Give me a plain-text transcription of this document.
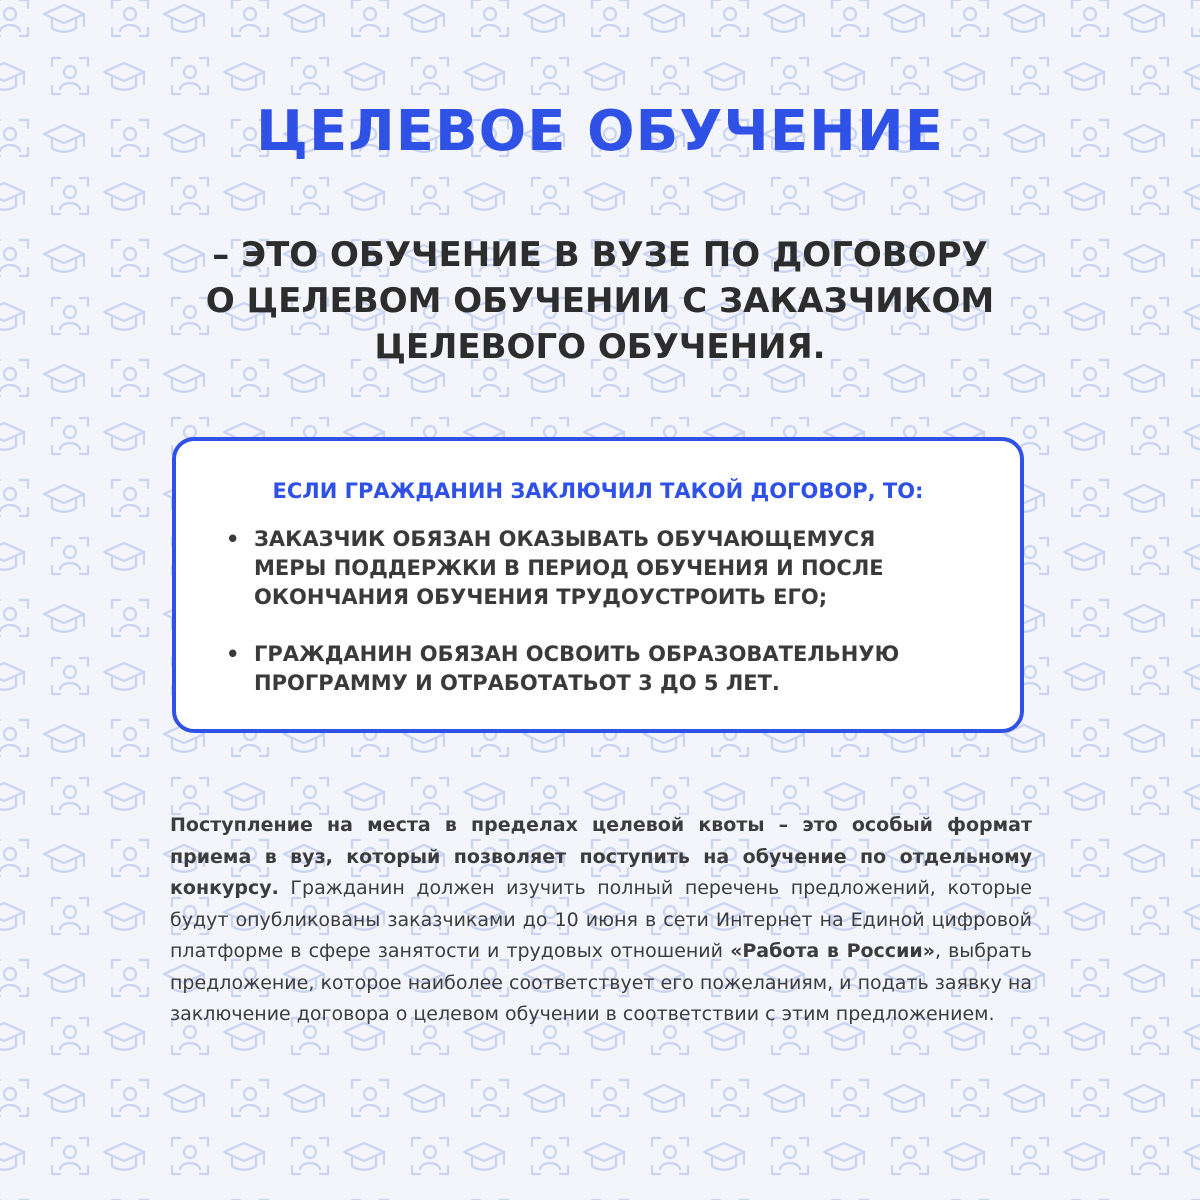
ЦЕЛЕВОЕ ОБУЧЕНИЕ

– ЭТО ОБУЧЕНИЕ В ВУЗЕ ПО ДОГОВОРУ
О ЦЕЛЕВОМ ОБУЧЕНИИ С ЗАКАЗЧИКОМ
ЦЕЛЕВОГО ОБУЧЕНИЯ.

ЕСЛИ ГРАЖДАНИН ЗАКЛЮЧИЛ ТАКОЙ ДОГОВОР, ТО:

• ЗАКАЗЧИК ОБЯЗАН ОКАЗЫВАТЬ ОБУЧАЮЩЕМУСЯ
МЕРЫ ПОДДЕРЖКИ В ПЕРИОД ОБУЧЕНИЯ И ПОСЛЕ
ОКОНЧАНИЯ ОБУЧЕНИЯ ТРУДОУСТРОИТЬ ЕГО;
• ГРАЖДАНИН ОБЯЗАН ОСВОИТЬ ОБРАЗОВАТЕЛЬНУЮ
ПРОГРАММУ И ОТРАБОТАТЬОТ 3 ДО 5 ЛЕТ.

Поступление на места в пределах целевой квоты – это особый формат приема в вуз, который позволяет поступить на обучение по отдельному конкурсу. Гражданин должен изучить полный перечень предложений, которые будут опубликованы заказчиками до 10 июня в сети Интернет на Единой цифровой платформе в сфере занятости и трудовых отношений «Работа в России», выбрать предложение, которое наиболее соответствует его пожеланиям, и подать заявку на заключение договора о целевом обучении в соответствии с этим предложением.
